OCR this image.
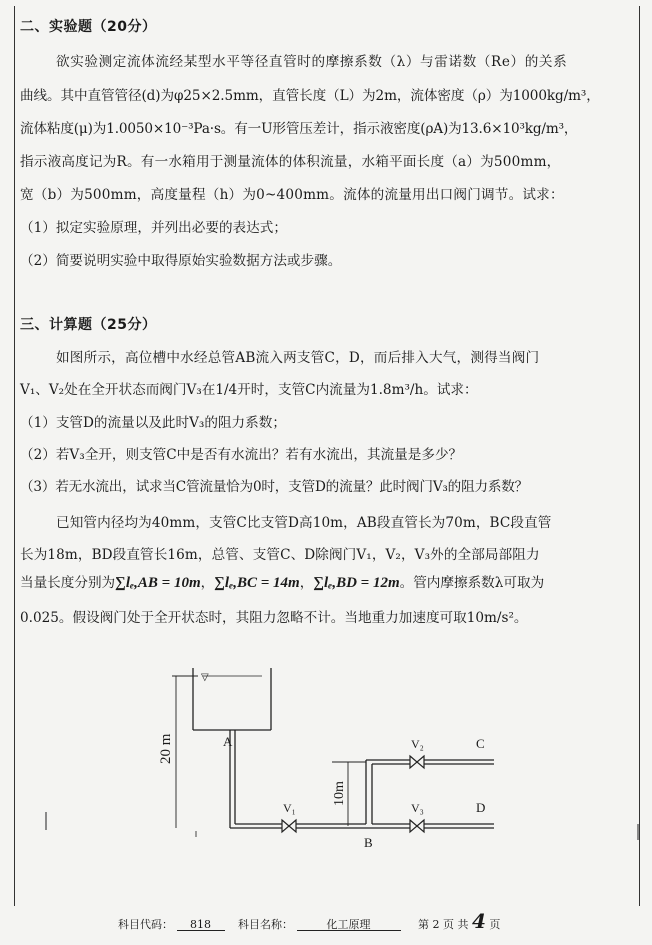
二、实验题（20分）
欲实验测定流体流经某型水平等径直管时的摩擦系数（λ）与雷诺数（Re）的关系
曲线。其中直管管径(d)为φ25×2.5mm，直管长度（L）为2m，流体密度（ρ）为1000kg/m³，
流体粘度(μ)为1.0050×10⁻³Pa·s。有一U形管压差计，指示液密度(ρA)为13.6×10³kg/m³，
指示液高度记为R。有一水箱用于测量流体的体积流量，水箱平面长度（a）为500mm，
宽（b）为500mm，高度量程（h）为0~400mm。流体的流量用出口阀门调节。试求：
（1）拟定实验原理，并列出必要的表达式；
（2）简要说明实验中取得原始实验数据方法或步骤。
三、计算题（25分）
如图所示，高位槽中水经总管AB流入两支管C，D，而后排入大气，测得当阀门
V₁、V₂处在全开状态而阀门V₃在1/4开时，支管C内流量为1.8m³/h。试求：
（1）支管D的流量以及此时V₃的阻力系数；
（2）若V₃全开，则支管C中是否有水流出？若有水流出，其流量是多少？
（3）若无水流出，试求当C管流量恰为0时，支管D的流量？此时阀门V₃的阻力系数？
已知管内径均为40mm，支管C比支管D高10m，AB段直管长为70m，BC段直管
长为18m，BD段直管长16m，总管、支管C、D除阀门V₁，V₂，V₃外的全部局部阻力
当量长度分别为∑lₑ,AB = 10m，∑lₑ,BC = 14m，∑lₑ,BD = 12m。管内摩擦系数λ可取为
0.025。假设阀门处于全开状态时，其阻力忽略不计。当地重力加速度可取10m/s²。
▽
20 m	A
V₁
B
10m
V₂	C
V₃	D
科目代码： 818 科目名称：	化工原理	第 2 页 共 4 页
